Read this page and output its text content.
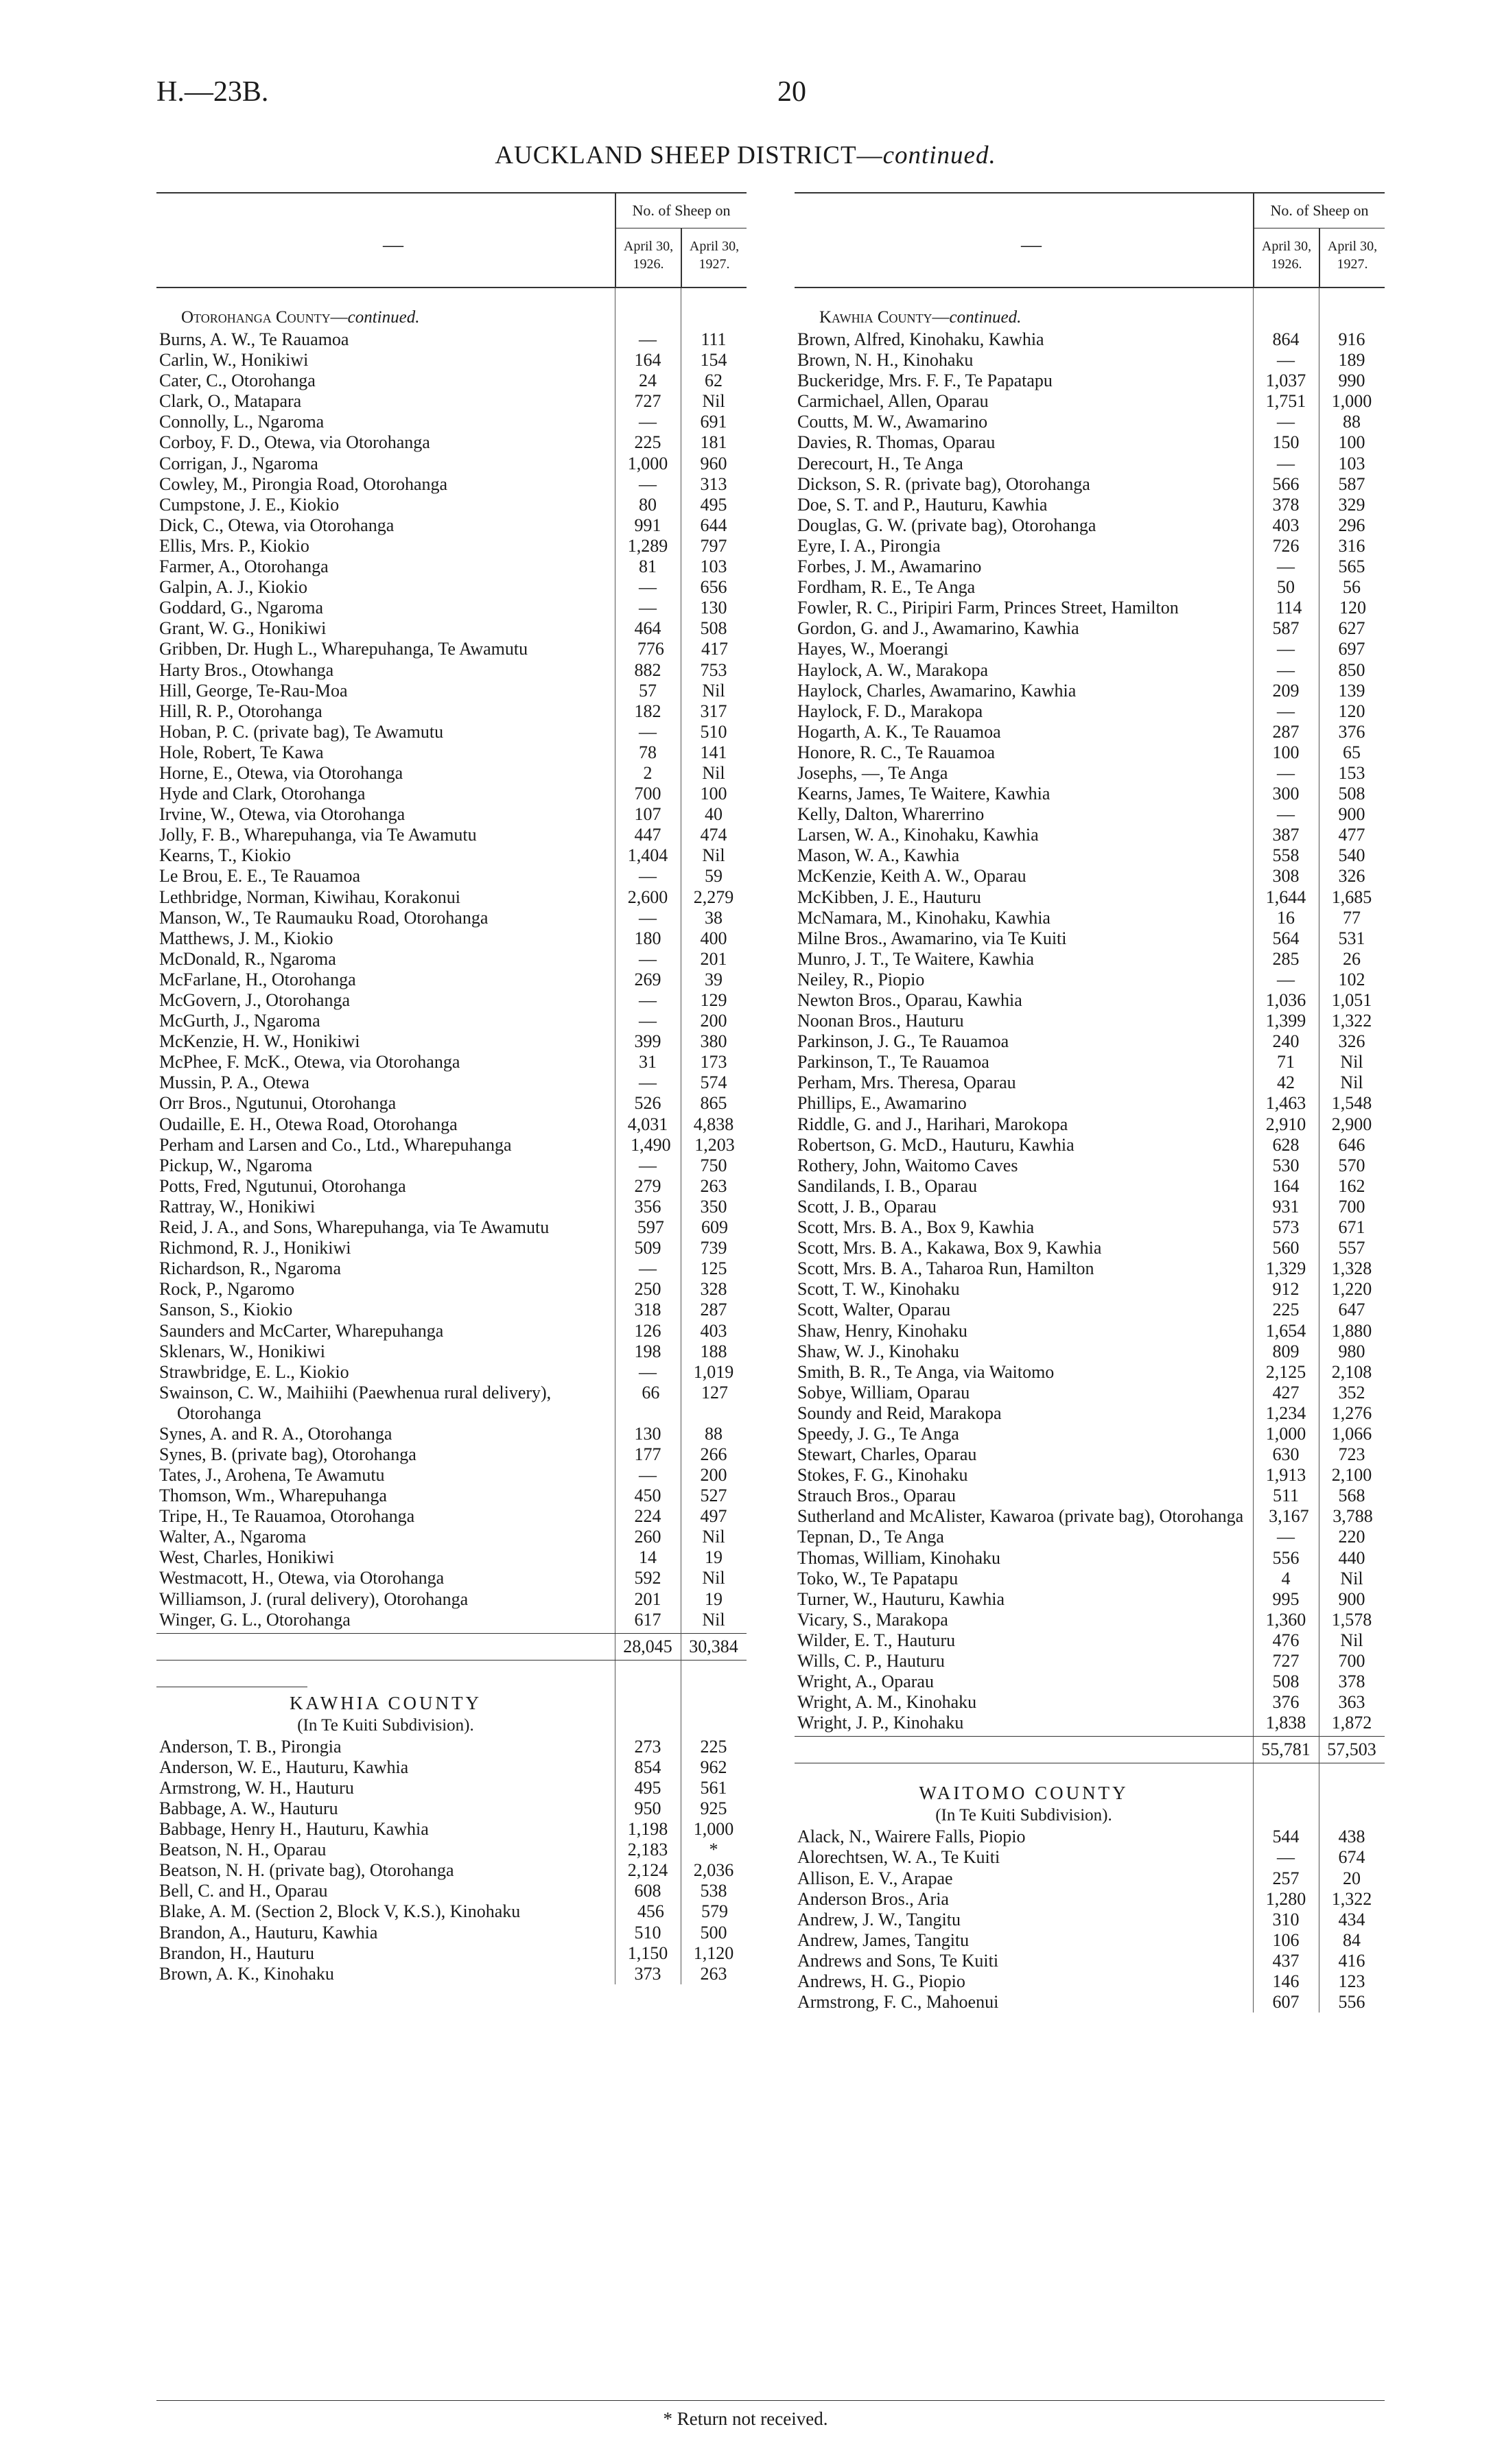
H.—23B.	20
AUCKLAND SHEEP DISTRICT—continued.
—
No. of Sheep on
April 30,
1926.
April 30,
1927.
Otorohanga County—continued.
Burns, A. W., Te Rauamoa	—	111
Carlin, W., Honikiwi	164	154
Cater, C., Otorohanga	24	62
Clark, O., Matapara	727	Nil
Connolly, L., Ngaroma	—	691
Corboy, F. D., Otewa, via Otorohanga	225	181
Corrigan, J., Ngaroma	1,000	960
Cowley, M., Pirongia Road, Otorohanga	—	313
Cumpstone, J. E., Kiokio	80	495
Dick, C., Otewa, via Otorohanga	991	644
Ellis, Mrs. P., Kiokio	1,289	797
Farmer, A., Otorohanga	81	103
Galpin, A. J., Kiokio	—	656
Goddard, G., Ngaroma	—	130
Grant, W. G., Honikiwi	464	508
Gribben, Dr. Hugh L., Wharepuhanga, Te Awamutu	776	417
Harty Bros., Otowhanga	882	753
Hill, George, Te-Rau-Moa	57	Nil
Hill, R. P., Otorohanga	182	317
Hoban, P. C. (private bag), Te Awamutu	—	510
Hole, Robert, Te Kawa	78	141
Horne, E., Otewa, via Otorohanga	2	Nil
Hyde and Clark, Otorohanga	700	100
Irvine, W., Otewa, via Otorohanga	107	40
Jolly, F. B., Wharepuhanga, via Te Awamutu	447	474
Kearns, T., Kiokio	1,404	Nil
Le Brou, E. E., Te Rauamoa	—	59
Lethbridge, Norman, Kiwihau, Korakonui	2,600	2,279
Manson, W., Te Raumauku Road, Otorohanga	—	38
Matthews, J. M., Kiokio	180	400
McDonald, R., Ngaroma	—	201
McFarlane, H., Otorohanga	269	39
McGovern, J., Otorohanga	—	129
McGurth, J., Ngaroma	—	200
McKenzie, H. W., Honikiwi	399	380
McPhee, F. McK., Otewa, via Otorohanga	31	173
Mussin, P. A., Otewa	—	574
Orr Bros., Ngutunui, Otorohanga	526	865
Oudaille, E. H., Otewa Road, Otorohanga	4,031	4,838
Perham and Larsen and Co., Ltd., Wharepuhanga	1,490	1,203
Pickup, W., Ngaroma	—	750
Potts, Fred, Ngutunui, Otorohanga	279	263
Rattray, W., Honikiwi	356	350
Reid, J. A., and Sons, Wharepuhanga, via Te Awamutu	597	609
Richmond, R. J., Honikiwi	509	739
Richardson, R., Ngaroma	—	125
Rock, P., Ngaromo	250	328
Sanson, S., Kiokio	318	287
Saunders and McCarter, Wharepuhanga	126	403
Sklenars, W., Honikiwi	198	188
Strawbridge, E. L., Kiokio	—	1,019
Swainson, C. W., Maihiihi (Paewhenua rural delivery), Otorohanga
66	127
Synes, A. and R. A., Otorohanga	130	88
Synes, B. (private bag), Otorohanga	177	266
Tates, J., Arohena, Te Awamutu	—	200
Thomson, Wm., Wharepuhanga	450	527
Tripe, H., Te Rauamoa, Otorohanga	224	497
Walter, A., Ngaroma	260	Nil
West, Charles, Honikiwi	14	19
Westmacott, H., Otewa, via Otorohanga	592	Nil
Williamson, J. (rural delivery), Otorohanga	201	19
Winger, G. L., Otorohanga	617	Nil
28,045 30,384
KAWHIA COUNTY
(In Te Kuiti Subdivision).
Anderson, T. B., Pirongia	273	225
Anderson, W. E., Hauturu, Kawhia	854	962
Armstrong, W. H., Hauturu	495	561
Babbage, A. W., Hauturu	950	925
Babbage, Henry H., Hauturu, Kawhia	1,198	1,000
Beatson, N. H., Oparau	2,183	*
Beatson, N. H. (private bag), Otorohanga	2,124	2,036
Bell, C. and H., Oparau	608	538
Blake, A. M. (Section 2, Block V, K.S.), Kinohaku	456	579
Brandon, A., Hauturu, Kawhia	510	500
Brandon, H., Hauturu	1,150	1,120
Brown, A. K., Kinohaku	373	263
—
No. of Sheep on
April 30,
1926.
April 30,
1927.
Kawhia County—continued.
Brown, Alfred, Kinohaku, Kawhia	864	916
Brown, N. H., Kinohaku	—	189
Buckeridge, Mrs. F. F., Te Papatapu	1,037	990
Carmichael, Allen, Oparau	1,751	1,000
Coutts, M. W., Awamarino	—	88
Davies, R. Thomas, Oparau	150	100
Derecourt, H., Te Anga	—	103
Dickson, S. R. (private bag), Otorohanga	566	587
Doe, S. T. and P., Hauturu, Kawhia	378	329
Douglas, G. W. (private bag), Otorohanga	403	296
Eyre, I. A., Pirongia	726	316
Forbes, J. M., Awamarino	—	565
Fordham, R. E., Te Anga	50	56
Fowler, R. C., Piripiri Farm, Princes Street, Hamilton	114	120
Gordon, G. and J., Awamarino, Kawhia	587	627
Hayes, W., Moerangi	—	697
Haylock, A. W., Marakopa	—	850
Haylock, Charles, Awamarino, Kawhia	209	139
Haylock, F. D., Marakopa	—	120
Hogarth, A. K., Te Rauamoa	287	376
Honore, R. C., Te Rauamoa	100	65
Josephs, —, Te Anga	—	153
Kearns, James, Te Waitere, Kawhia	300	508
Kelly, Dalton, Wharerrino	—	900
Larsen, W. A., Kinohaku, Kawhia	387	477
Mason, W. A., Kawhia	558	540
McKenzie, Keith A. W., Oparau	308	326
McKibben, J. E., Hauturu	1,644	1,685
McNamara, M., Kinohaku, Kawhia	16	77
Milne Bros., Awamarino, via Te Kuiti	564	531
Munro, J. T., Te Waitere, Kawhia	285	26
Neiley, R., Piopio	—	102
Newton Bros., Oparau, Kawhia	1,036	1,051
Noonan Bros., Hauturu	1,399	1,322
Parkinson, J. G., Te Rauamoa	240	326
Parkinson, T., Te Rauamoa	71	Nil
Perham, Mrs. Theresa, Oparau	42	Nil
Phillips, E., Awamarino	1,463	1,548
Riddle, G. and J., Harihari, Marokopa	2,910	2,900
Robertson, G. McD., Hauturu, Kawhia	628	646
Rothery, John, Waitomo Caves	530	570
Sandilands, I. B., Oparau	164	162
Scott, J. B., Oparau	931	700
Scott, Mrs. B. A., Box 9, Kawhia	573	671
Scott, Mrs. B. A., Kakawa, Box 9, Kawhia	560	557
Scott, Mrs. B. A., Taharoa Run, Hamilton	1,329	1,328
Scott, T. W., Kinohaku	912	1,220
Scott, Walter, Oparau	225	647
Shaw, Henry, Kinohaku	1,654	1,880
Shaw, W. J., Kinohaku	809	980
Smith, B. R., Te Anga, via Waitomo	2,125	2,108
Sobye, William, Oparau	427	352
Soundy and Reid, Marakopa	1,234	1,276
Speedy, J. G., Te Anga	1,000	1,066
Stewart, Charles, Oparau	630	723
Stokes, F. G., Kinohaku	1,913	2,100
Strauch Bros., Oparau	511	568
Sutherland and McAlister, Kawaroa (private bag), Otorohanga	3,167	3,788
Tepnan, D., Te Anga	—	220
Thomas, William, Kinohaku	556	440
Toko, W., Te Papatapu	4	Nil
Turner, W., Hauturu, Kawhia	995	900
Vicary, S., Marakopa	1,360	1,578
Wilder, E. T., Hauturu	476	Nil
Wills, C. P., Hauturu	727	700
Wright, A., Oparau	508	378
Wright, A. M., Kinohaku	376	363
Wright, J. P., Kinohaku	1,838	1,872
55,781 57,503
WAITOMO COUNTY
(In Te Kuiti Subdivision).
Alack, N., Wairere Falls, Piopio	544	438
Alorechtsen, W. A., Te Kuiti	—	674
Allison, E. V., Arapae	257	20
Anderson Bros., Aria	1,280	1,322
Andrew, J. W., Tangitu	310	434
Andrew, James, Tangitu	106	84
Andrews and Sons, Te Kuiti	437	416
Andrews, H. G., Piopio	146	123
Armstrong, F. C., Mahoenui	607	556
* Return not received.
